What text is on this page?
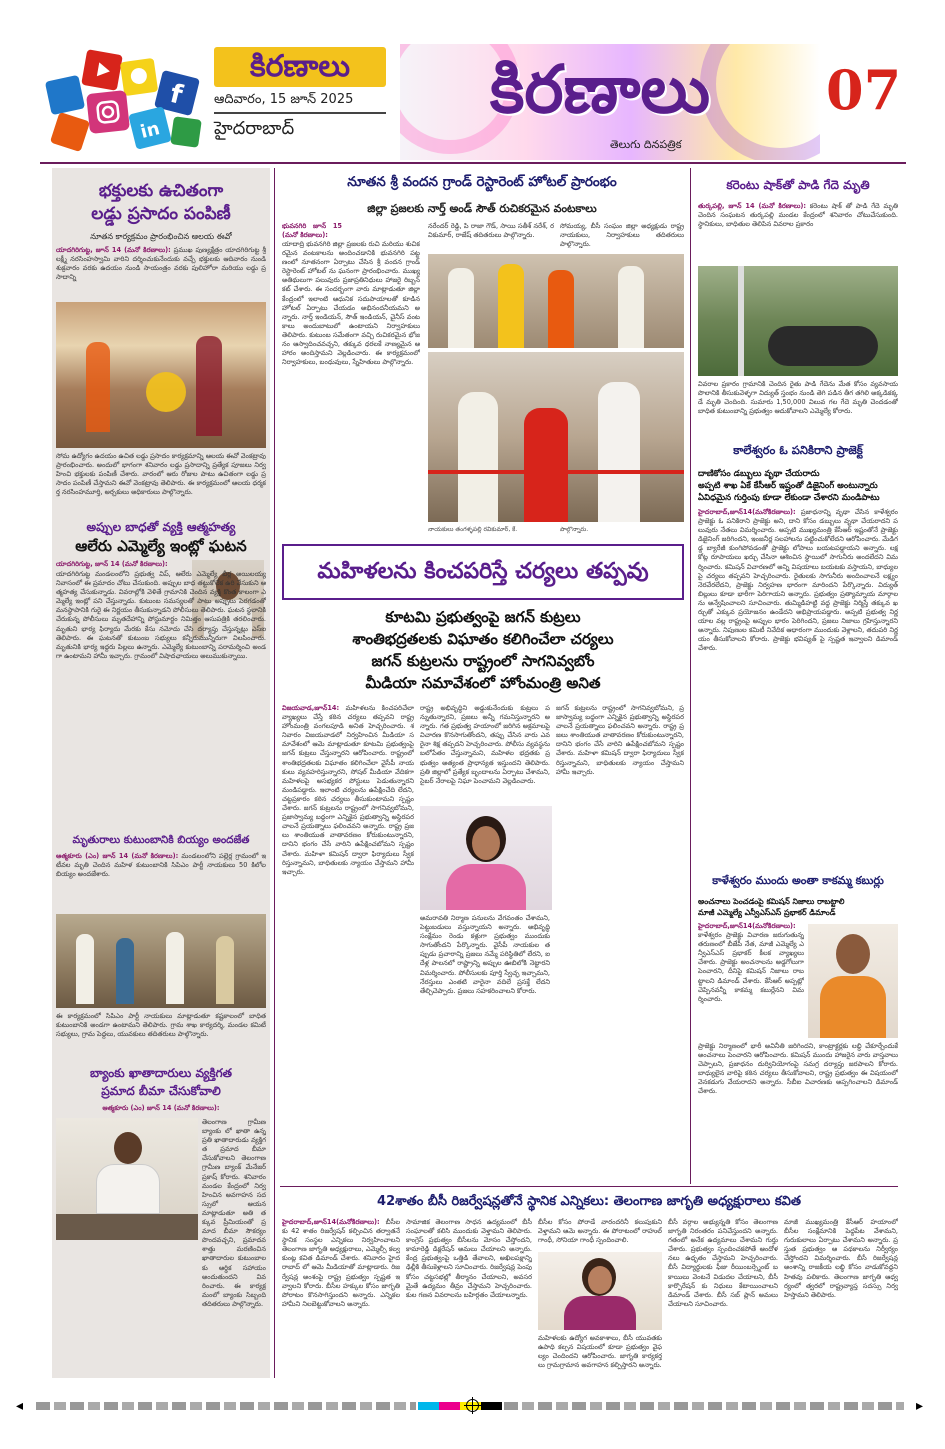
f
in
కిరణాలు
ఆదివారం, 15 జూన్ 2025
హైదరాబాద్
కిరణాలు
తెలుగు దినపత్రిక
07
భక్తులకు ఉచితంగా
లడ్డు ప్రసాదం పంపిణీ
నూతన కార్యక్రమం ప్రారంభించిన ఆలయ ఈవో
యాదగిరిగుట్ట, జూన్ 14 (మనో కిరణాలు): ప్రముఖ పుణ్యక్షేత్రం యాదగిరిగుట్ట శ్రీ లక్ష్మీ నరసింహస్వామి వారిని దర్శించుకునేందుకు వచ్చే భక్తులకు ఆదివారం నుండి శుక్రవారం వరకు ఉదయం నుండి సాయంత్రం వరకు పులిహోరా మరియు లడ్డు ప్రసాదాన్ని
సోమ ఉద్యోగం ఉదయం ఉచిత లడ్డు ప్రసాదం కార్యక్రమాన్ని ఆలయ ఈవో వెంకట్రావు ప్రారంభించారు. అందులో భాగంగా శనివారం లడ్డు ప్రసాదాన్ని ప్రత్యేక పూజలు నిర్వహించి భక్తులకు పంపిణీ చేశారు. వారంలో ఆరు రోజుల పాటు ఉచితంగా లడ్డు ప్రసాదం పంపిణీ చేస్తామని ఈవో వెంకట్రావు తెలిపారు. ఈ కార్యక్రమంలో ఆలయ ధర్మకర్త నరసింహమూర్తి, అర్చకులు అధికారులు పాల్గొన్నారు.
అప్పుల బాధతో వ్యక్తి ఆత్మహత్య
ఆలేరు ఎమ్మెల్యే ఇంట్లో ఘటన
యాదగిరిగుట్ట, జూన్ 14 (మనో కిరణాలు):
యాదగిరిగుట్ట మండలంలోని ప్రభుత్వ విప్, ఆలేరు ఎమ్మెల్యే బీర్ల అయిలయ్య నివాసంలో ఈ ప్రమాదం చోటు చేసుకుంది. అప్పుల బాధ తట్టుకోలేక ఉరి వేసుకుని ఆత్మహత్య చేసుకున్నాడు. వివరాల్లోకి వెళితే గ్రామానికి చెందిన వ్యక్తి కొంత కాలంగా ఎమ్మెల్యే ఇంట్లో పని చేస్తున్నాడు. కుటుంబ సమస్యలతో పాటు అప్పులు పెరగడంతో మనస్థాపానికి గురై ఈ నిర్ణయం తీసుకున్నాడని పోలీసులు తెలిపారు. ఘటన స్థలానికి చేరుకున్న పోలీసులు మృతదేహాన్ని పోస్టుమార్టం నిమిత్తం ఆసుపత్రికి తరలించారు. మృతుని భార్య ఫిర్యాదు మేరకు కేసు నమోదు చేసి దర్యాప్తు చేస్తున్నట్లు ఎస్ఐ తెలిపారు. ఈ ఘటనతో కుటుంబ సభ్యులు కన్నీరుమున్నీరుగా విలపించారు. మృతునికి భార్య ఇద్దరు పిల్లలు ఉన్నారు. ఎమ్మెల్యే కుటుంబాన్ని పరామర్శించి అండగా ఉంటామని హామీ ఇచ్చారు. గ్రామంలో విషాదఛాయలు అలుముకున్నాయి.
మృతురాలు కుటుంబానికి బియ్యం అందజేత
ఆత్మకూరు (ఎం) జూన్ 14 (మనో కిరణాలు): మండలంలోని పల్లెర్ల గ్రామంలో ఇటీవల మృతి చెందిన మహిళ కుటుంబానికి సిపిఎం పార్టీ నాయకులు 50 కిలోల బియ్యం అందజేశారు.
ఈ కార్యక్రమంలో సిపిఎం పార్టీ నాయకులు మాట్లాడుతూ కష్టకాలంలో బాధిత కుటుంబానికి అండగా ఉంటామని తెలిపారు. గ్రామ శాఖ కార్యదర్శి, మండల కమిటీ సభ్యులు, గ్రామ పెద్దలు, యువకులు తదితరులు పాల్గొన్నారు.
బ్యాంకు ఖాతాదారులు వ్యక్తిగత
ప్రమాద బీమా చేసుకోవాలి
ఆత్మకూరు (ఎం) జూన్ 14 (మనో కిరణాలు):
తెలంగాణ గ్రామీణ బ్యాంకు లో ఖాతా ఉన్న ప్రతి ఖాతాదారుడు వ్యక్తిగత ప్రమాద బీమా చేసుకోవాలని తెలంగాణ గ్రామీణ బ్యాంక్ మేనేజర్ ప్రకాష్ కోరారు. శనివారం మండల కేంద్రంలో నిర్వహించిన అవగాహన సదస్సులో ఆయన మాట్లాడుతూ అతి తక్కువ ప్రీమియంతో ప్రమాద బీమా సౌకర్యం పొందవచ్చని, ప్రమాదవశాత్తు మరణించిన ఖాతాదారుల కుటుంబాలకు ఆర్థిక సహాయం అందుతుందని వివరించారు. ఈ కార్యక్రమంలో బ్యాంకు సిబ్బంది తదితరులు పాల్గొన్నారు.
నూతన శ్రీ వందన గ్రాండ్ రెస్టారెంట్ హోటల్ ప్రారంభం
జిల్లా ప్రజలకు నార్త్ అండ్ సౌత్ రుచికరమైన వంటకాలు
భువనగిరి జూన్ 15 (మనో కిరణాలు):
యాదాద్రి భువనగిరి జిల్లా ప్రజలకు రుచి మరియు శుచికరమైన వంటకాలను అందించడానికి భువనగిరి పట్టణంలో నూతనంగా ఏర్పాటు చేసిన శ్రీ వందన గ్రాండ్ రెస్టారెంట్ హోటల్ ను ఘనంగా ప్రారంభించారు. ముఖ్య అతిథులుగా పలువురు ప్రజాప్రతినిధులు హాజరై రిబ్బన్ కట్ చేశారు. ఈ సందర్భంగా వారు మాట్లాడుతూ జిల్లా కేంద్రంలో ఇలాంటి ఆధునిక సదుపాయాలతో కూడిన హోటల్ ఏర్పాటు చేయడం అభినందనీయమని అన్నారు. నార్త్ ఇండియన్, సౌత్ ఇండియన్, చైనీస్ వంటకాలు అందుబాటులో ఉంటాయని నిర్వాహకులు తెలిపారు. కుటుంబ సమేతంగా వచ్చి రుచికరమైన భోజనం ఆస్వాదించవచ్చని, తక్కువ ధరలకే నాణ్యమైన ఆహారం అందిస్తామని వెల్లడించారు. ఈ కార్యక్రమంలో నిర్వాహకులు, బంధువులు, స్నేహితులు పాల్గొన్నారు.
నరేందర్ రెడ్డి, పి రాజా గౌడ్, సాయి సతీశ్ నరేశ్, రవికుమార్, రాజేష్ తదితరులు పాల్గొన్నారు.
సోమయ్య, బీసీ సంఘం జిల్లా అధ్యక్షుడు రాష్ట్ర నాయకులు, నిర్వాహకులు తదితరులు పాల్గొన్నారు.
నాయకులు తంగళ్ళపల్లి రవికుమార్, కే.	పాల్గొన్నారు.
మహిళలను కించపరిస్తే చర్యలు తప్పవు
కూటమి ప్రభుత్వంపై జగన్ కుట్రలు
శాంతిభద్రతలకు విఘాతం కలిగించేలా చర్యలు
జగన్ కుట్రలను రాష్ట్రంలో సాగనివ్వబోం
మీడియా సమావేశంలో హోంమంత్రి అనిత
విజయవాడ,జూన్14: మహిళలను కించపరిచేలా వ్యాఖ్యలు చేస్తే కఠిన చర్యలు తప్పవని రాష్ట్ర హోంమంత్రి వంగలపూడి అనిత హెచ్చరించారు. శనివారం విజయవాడలో నిర్వహించిన మీడియా సమావేశంలో ఆమె మాట్లాడుతూ కూటమి ప్రభుత్వంపై జగన్ కుట్రలు చేస్తున్నారని ఆరోపించారు. రాష్ట్రంలో శాంతిభద్రతలకు విఘాతం కలిగించేలా వైసీపీ నాయకులు వ్యవహరిస్తున్నారని, సోషల్ మీడియా వేదికగా మహిళలపై అసభ్యకర పోస్టులు పెడుతున్నారని మండిపడ్డారు. ఇలాంటి చర్యలను ఉపేక్షించేది లేదని, చట్టప్రకారం కఠిన చర్యలు తీసుకుంటామని స్పష్టం చేశారు. జగన్ కుట్రలను రాష్ట్రంలో సాగనివ్వబోమని, ప్రజాస్వామ్య బద్ధంగా ఎన్నికైన ప్రభుత్వాన్ని అస్థిరపరచాలనే ప్రయత్నాలు ఫలించవని అన్నారు. రాష్ట్ర ప్రజలు శాంతియుత వాతావరణం కోరుకుంటున్నారని, దానిని భంగం చేసే వారిని ఉపేక్షించబోమని స్పష్టం చేశారు. మహిళా కమిషన్ ద్వారా ఫిర్యాదులు స్వీకరిస్తున్నామని, బాధితులకు న్యాయం చేస్తామని హామీ ఇచ్చారు.
రాష్ట్ర అభివృద్ధిని అడ్డుకునేందుకు కుట్రలు పన్నుతున్నారని, ప్రజలు అన్నీ గమనిస్తున్నారని అన్నారు. గత ప్రభుత్వ హయాంలో జరిగిన అక్రమాలపై విచారణ కొనసాగుతోందని, తప్పు చేసిన వారు ఎవరైనా శిక్ష తప్పదని హెచ్చరించారు. పోలీసు వ్యవస్థను బలోపేతం చేస్తున్నామని, మహిళల భద్రతకు ప్రభుత్వం అత్యంత ప్రాధాన్యత ఇస్తుందని తెలిపారు. ప్రతి జిల్లాలో ప్రత్యేక బృందాలను ఏర్పాటు చేశామని, సైబర్ నేరాలపై నిఘా పెంచామని వెల్లడించారు.
అమరావతి నిర్మాణ పనులను వేగవంతం చేశామని, పెట్టుబడులు వస్తున్నాయని అన్నారు. అభివృద్ధి సంక్షేమం రెండు కళ్లుగా ప్రభుత్వం ముందుకు సాగుతోందని పేర్కొన్నారు. వైసీపీ నాయకుల తప్పుడు ప్రచారాన్ని ప్రజలు నమ్మే పరిస్థితిలో లేరని, ఐదేళ్ల పాలనలో రాష్ట్రాన్ని అప్పుల ఊబిలోకి నెట్టారని విమర్శించారు. పోలీసులకు పూర్తి స్వేచ్ఛ ఇచ్చామని, నేరస్తులు ఎంతటి వారైనా వదిలే ప్రసక్తే లేదని తేల్చిచెప్పారు. ప్రజలు సహకరించాలని కోరారు.
జగన్ కుట్రలను రాష్ట్రంలో సాగనివ్వబోమని, ప్రజాస్వామ్య బద్ధంగా ఎన్నికైన ప్రభుత్వాన్ని అస్థిరపరచాలనే ప్రయత్నాలు ఫలించవని అన్నారు. రాష్ట్ర ప్రజలు శాంతియుత వాతావరణం కోరుకుంటున్నారని, దానిని భంగం చేసే వారిని ఉపేక్షించబోమని స్పష్టం చేశారు. మహిళా కమిషన్ ద్వారా ఫిర్యాదులు స్వీకరిస్తున్నామని, బాధితులకు న్యాయం చేస్తామని హామీ ఇచ్చారు.
కరెంటు షాక్‌తో పాడి గేదె మృతి
తుర్కపల్లి, జూన్ 14 (మనో కిరణాలు): కరెంటు షాక్ తో పాడి గేదె మృతి చెందిన సంఘటన తుర్కపల్లి మండల కేంద్రంలో శనివారం చోటుచేసుకుంది. స్థానికులు, బాధితుల తెలిపిన వివరాల ప్రకారం
వివరాల ప్రకారం గ్రామానికి చెందిన రైతు పాడి గేదెను మేత కోసం వ్యవసాయ పొలానికి తీసుకువెళ్ళగా విద్యుత్ స్తంభం నుండి తెగి పడిన తీగ తగిలి అక్కడికక్కడే మృతి చెందింది. సుమారు 1,50,000 విలువ గల గేదె మృతి చెందడంతో బాధిత కుటుంబాన్ని ప్రభుత్వం ఆదుకోవాలని ఎమ్మెల్యే కోరారు.
కాలేశ్వరం ఓ పనికిరాని ప్రాజెక్ట్
దాణికోసం డబ్బులు వృథా చేయరాదు
అప్పటి శాఖ ఏకే కేసీఆర్ ఇష్టంతో డిజైనింగ్ అంటున్నారు
ఏవిధమైన గుర్తింపు కూడా లేకుండా చేశారని మండిపాటు
హైదరాబాద్,జూన్14(మనోకిరణాలు): ప్రజాధనాన్ని వృథా చేసిన కాళేశ్వరం ప్రాజెక్టు ఓ పనికిరాని ప్రాజెక్టు అని, దాని కోసం డబ్బులు వృథా చేయరాదని పలువురు నేతలు విమర్శించారు. అప్పటి ముఖ్యమంత్రి కేసీఆర్ ఇష్టంతోనే ప్రాజెక్టు డిజైనింగ్ జరిగిందని, ఇంజనీర్ల సలహాలను పట్టించుకోలేదని ఆరోపించారు. మేడిగడ్డ బ్యారేజీ కుంగిపోవడంతో ప్రాజెక్టు లోపాలు బయటపడ్డాయని అన్నారు. లక్ష కోట్ల రూపాయలు ఖర్చు చేసినా ఆశించిన స్థాయిలో సాగునీరు అందలేదని విమర్శించారు. కమిషన్ విచారణలో అన్ని విషయాలు బయటకు వస్తాయని, బాధ్యులపై చర్యలు తప్పవని హెచ్చరించారు. రైతులకు సాగునీరు అందించాలనే లక్ష్యం నెరవేరలేదని, ప్రాజెక్టు నిర్వహణ భారంగా మారిందని పేర్కొన్నారు. విద్యుత్ బిల్లులు కూడా భారీగా పెరిగాయని అన్నారు. ప్రభుత్వం ప్రత్యామ్నాయ మార్గాలను అన్వేషించాలని సూచించారు. తుమ్మిడిహట్టి వద్ద ప్రాజెక్టు నిర్మిస్తే తక్కువ ఖర్చుతో ఎక్కువ ప్రయోజనం ఉండేదని అభిప్రాయపడ్డారు. అప్పటి ప్రభుత్వ నిర్ణయాల వల్ల రాష్ట్రంపై అప్పుల భారం పెరిగిందని, ప్రజలు నిజాలు గ్రహిస్తున్నారని అన్నారు. నిపుణుల కమిటీ నివేదిక ఆధారంగా ముందుకు వెళ్లాలని, తదుపరి నిర్ణయం తీసుకోవాలని కోరారు. ప్రాజెక్టు భవిష్యత్ పై స్పష్టత ఇవ్వాలని డిమాండ్ చేశారు.
కాళేశ్వరం ముందు అంతా కాకమ్మ కబుర్లు
అంచనాలు పెంచడంపై కమిషన్ నిజాలు రాబట్టాలి
మాజీ ఎమ్మెల్యే ఎన్వీఎస్ఎస్ ప్రభాకర్ డిమాండ్
హైదరాబాద్,జూన్14(మనోకిరణాలు): కాళేశ్వరం ప్రాజెక్టు విచారణ జరుగుతున్న తరుణంలో బీజేపీ నేత, మాజీ ఎమ్మెల్యే ఎన్వీఎస్ఎస్ ప్రభాకర్ కీలక వ్యాఖ్యలు చేశారు. ప్రాజెక్టు అంచనాలను అడ్డగోలుగా పెంచారని, దీనిపై కమిషన్ నిజాలు రాబట్టాలని డిమాండ్ చేశారు. కేసీఆర్ అప్పట్లో చెప్పినవన్నీ కాకమ్మ కబుర్లేనని విమర్శించారు.
ప్రాజెక్టు నిర్మాణంలో భారీ అవినీతి జరిగిందని, కాంట్రాక్టర్లకు లబ్ధి చేకూర్చేందుకే అంచనాలు పెంచారని ఆరోపించారు. కమిషన్ ముందు హాజరైన వారు వాస్తవాలు చెప్పాలని, ప్రజాధనం దుర్వినియోగంపై సమగ్ర దర్యాప్తు జరపాలని కోరారు. బాధ్యులైన వారిపై కఠిన చర్యలు తీసుకోవాలని, రాష్ట్ర ప్రభుత్వం ఈ విషయంలో వెనకడుగు వేయరాదని అన్నారు. సీబీఐ విచారణకు అప్పగించాలని డిమాండ్ చేశారు.
42శాతం బీసీ రిజర్వేషన్లతోనే స్థానిక ఎన్నికలు: తెలంగాణ జాగృతి అధ్యక్షురాలు కవిత
హైదరాబాద్,జూన్14(మనోకిరణాలు): బీసీలకు 42 శాతం రిజర్వేషన్ కల్పించిన తర్వాతనే స్థానిక సంస్థల ఎన్నికలు నిర్వహించాలని తెలంగాణ జాగృతి అధ్యక్షురాలు, ఎమ్మెల్సీ కల్వకుంట్ల కవిత డిమాండ్ చేశారు. శనివారం హైదరాబాద్ లో ఆమె మీడియాతో మాట్లాడారు. రిజర్వేషన్ల అంశంపై రాష్ట్ర ప్రభుత్వం స్పష్టత ఇవ్వాలని కోరారు. బీసీల హక్కుల కోసం జాగృతి పోరాటం కొనసాగిస్తుందని అన్నారు. ఎన్నికల హామీని నిలబెట్టుకోవాలని అన్నారు.
సామాజిక తెలంగాణ సాధన ఉద్యమంలో బీసీ సంఘాలతో కలిసి ముందుకు వెళ్తామని తెలిపారు. కాంగ్రెస్ ప్రభుత్వం బీసీలను మోసం చేస్తోందని, కామారెడ్డి డిక్లరేషన్ అమలు చేయాలని అన్నారు. కేంద్ర ప్రభుత్వంపై ఒత్తిడి తేవాలని, అఖిలపక్షాన్ని ఢిల్లీకి తీసుకెళ్లాలని సూచించారు. రిజర్వేషన్ల పెంపు కోసం చట్టసభల్లో తీర్మానం చేయాలని, అవసరమైతే ఉద్యమం తీవ్రం చేస్తామని హెచ్చరించారు. కుల గణన వివరాలను బహిర్గతం చేయాలన్నారు.
బీసీల కోసం పోరాడే వారందరినీ కలుపుకుని వెళ్తామని ఆమె అన్నారు. ఈ పోరాటంలో రాహుల్ గాంధీ, సోనియా గాంధీ స్పందించాలి.
మహిళలకు ఉద్యోగ అవకాశాలు, బీసీ యువతకు ఉపాధి కల్పన విషయంలో కూడా ప్రభుత్వం వైఫల్యం చెందిందని ఆరోపించారు. జాగృతి కార్యకర్తలు గ్రామగ్రామాన అవగాహన కల్పిస్తారని అన్నారు.
బీసీ వర్గాల అభ్యున్నతి కోసం తెలంగాణ జాగృతి నిరంతరం పనిచేస్తుందని అన్నారు. గతంలో అనేక ఉద్యమాలు చేశామని గుర్తు చేశారు. ప్రభుత్వం స్పందించకపోతే ఆందోళనలు ఉధృతం చేస్తామని హెచ్చరించారు. బీసీ విద్యార్థులకు ఫీజు రీయింబర్స్మెంట్ బకాయిలు వెంటనే విడుదల చేయాలని, బీసీ కార్పొరేషన్ కు నిధులు కేటాయించాలని డిమాండ్ చేశారు. బీసీ సబ్ ప్లాన్ అమలు చేయాలని సూచించారు.
మాజీ ముఖ్యమంత్రి కేసీఆర్ హయాంలో బీసీల సంక్షేమానికి పెద్దపీట వేశామని, గురుకులాలు ఏర్పాటు చేశామని అన్నారు. ప్రస్తుత ప్రభుత్వం ఆ పథకాలను నిర్వీర్యం చేస్తోందని విమర్శించారు. బీసీ రిజర్వేషన్ల అంశాన్ని రాజకీయ లబ్ధి కోసం వాడుకోవద్దని హితవు పలికారు. తెలంగాణ జాగృతి ఆధ్వర్యంలో త్వరలో రాష్ట్రవ్యాప్త సదస్సు నిర్వహిస్తామని తెలిపారు.
◂	▸
